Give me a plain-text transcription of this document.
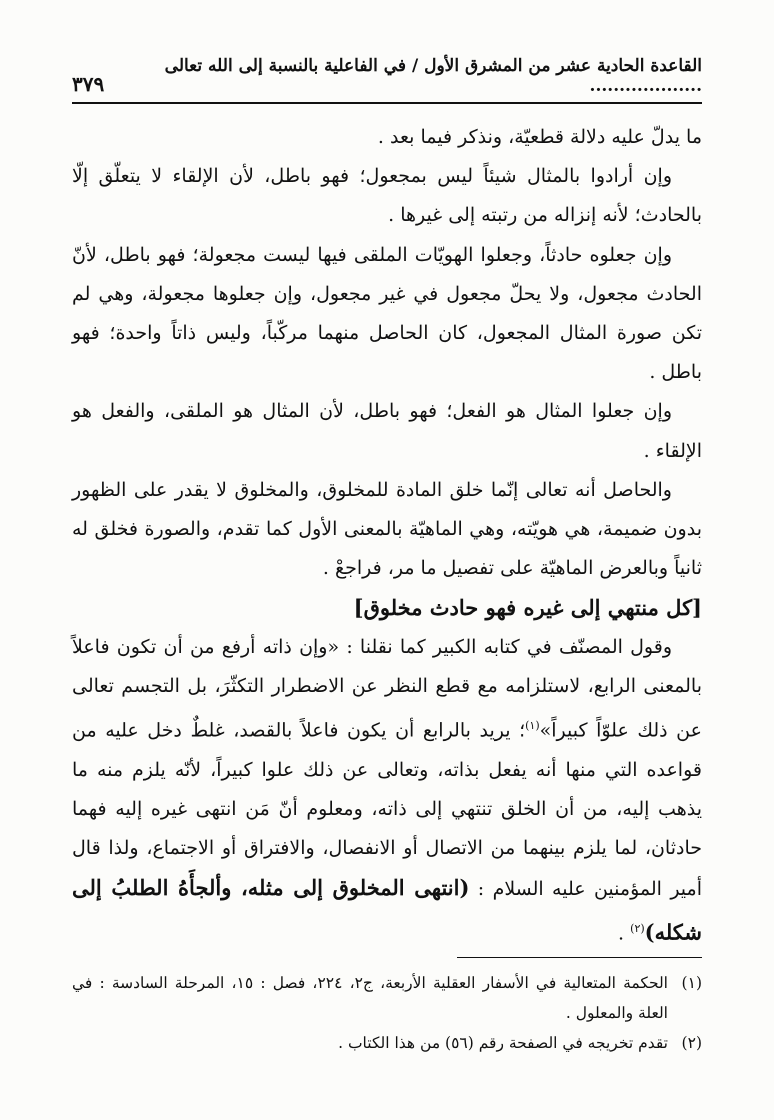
القاعدة الحادية عشر من المشرق الأول / في الفاعلية بالنسبة إلى الله تعالى ...................
٣٧٩

ما يدلّ عليه دلالة قطعيّة، ونذكر فيما بعد .

وإن أرادوا بالمثال شيئاً ليس بمجعول؛ فهو باطل، لأن الإلقاء لا يتعلّق إلّا بالحادث؛ لأنه إنزاله من رتبته إلى غيرها .

وإن جعلوه حادثاً، وجعلوا الهويّات الملقى فيها ليست مجعولة؛ فهو باطل، لأنّ الحادث مجعول، ولا يحلّ مجعول في غير مجعول، وإن جعلوها مجعولة، وهي لم تكن صورة المثال المجعول، كان الحاصل منهما مركّباً، وليس ذاتاً واحدة؛ فهو باطل .

وإن جعلوا المثال هو الفعل؛ فهو باطل، لأن المثال هو الملقى، والفعل هو الإلقاء .

والحاصل أنه تعالى إنّما خلق المادة للمخلوق، والمخلوق لا يقدر على الظهور بدون ضميمة، هي هويّته، وهي الماهيّة بالمعنى الأول كما تقدم، والصورة فخلق له ثانياً وبالعرض الماهيّة على تفصيل ما مر، فراجعْ .

[كل منتهي إلى غيره فهو حادث مخلوق]

وقول المصنّف في كتابه الكبير كما نقلنا : «وإن ذاته أرفع من أن تكون فاعلاً بالمعنى الرابع، لاستلزامه مع قطع النظر عن الاضطرار التكثّرَ، بل التجسم تعالى عن ذلك علوّاً كبيراً»$^{(١)}$؛ يريد بالرابع أن يكون فاعلاً بالقصد، غلطٌ دخل عليه من قواعده التي منها أنه يفعل بذاته، وتعالى عن ذلك علوا كبيراً، لأنّه يلزم منه ما يذهب إليه، من أن الخلق تنتهي إلى ذاته، ومعلوم أنّ مَن انتهى غيره إليه فهما حادثان، لما يلزم بينهما من الاتصال أو الانفصال، والافتراق أو الاجتماع، ولذا قال أمير المؤمنين عليه السلام : (انتهى المخلوق إلى مثله، وألجأَهُ الطلبُ إلى شكله)$^{(٢)}$ .

(١)
الحكمة المتعالية في الأسفار العقلية الأربعة، ج٢، ٢٢٤، فصل : ١٥، المرحلة السادسة : في العلة والمعلول .
(٢)
تقدم تخريجه في الصفحة رقم (٥٦) من هذا الكتاب .
